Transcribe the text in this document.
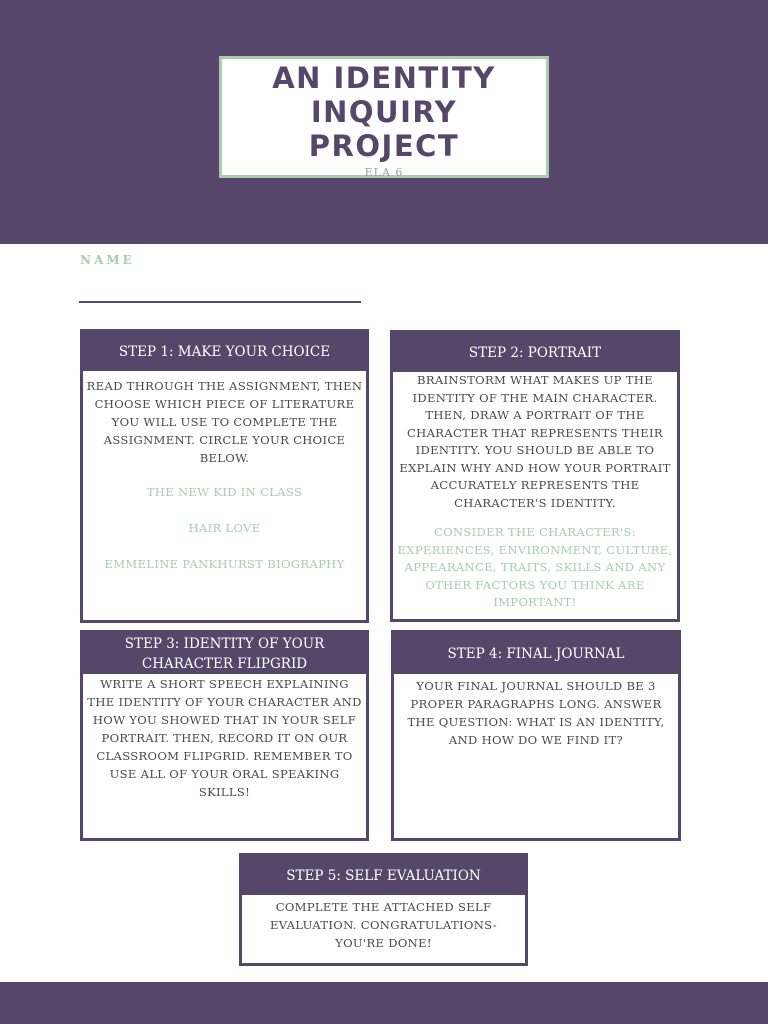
AN IDENTITY
INQUIRY
PROJECT
ELA 6
NAME
STEP 1: MAKE YOUR CHOICE
READ THROUGH THE ASSIGNMENT, THEN CHOOSE WHICH PIECE OF LITERATURE YOU WILL USE TO COMPLETE THE ASSIGNMENT. CIRCLE YOUR CHOICE BELOW.

THE NEW KID IN CLASS

HAIR LOVE

EMMELINE PANKHURST BIOGRAPHY

STEP 2: PORTRAIT
BRAINSTORM WHAT MAKES UP THE IDENTITY OF THE MAIN CHARACTER. THEN, DRAW A PORTRAIT OF THE CHARACTER THAT REPRESENTS THEIR IDENTITY. YOU SHOULD BE ABLE TO EXPLAIN WHY AND HOW YOUR PORTRAIT ACCURATELY REPRESENTS THE CHARACTER'S IDENTITY.
CONSIDER THE CHARACTER'S: EXPERIENCES, ENVIRONMENT, CULTURE, APPEARANCE, TRAITS, SKILLS AND ANY OTHER FACTORS YOU THINK ARE IMPORTANT!
STEP 3: IDENTITY OF YOUR CHARACTER FLIPGRID
WRITE A SHORT SPEECH EXPLAINING THE IDENTITY OF YOUR CHARACTER AND HOW YOU SHOWED THAT IN YOUR SELF PORTRAIT. THEN, RECORD IT ON OUR CLASSROOM FLIPGRID. REMEMBER TO USE ALL OF YOUR ORAL SPEAKING SKILLS!
STEP 4: FINAL JOURNAL
YOUR FINAL JOURNAL SHOULD BE 3 PROPER PARAGRAPHS LONG. ANSWER THE QUESTION: WHAT IS AN IDENTITY, AND HOW DO WE FIND IT?
STEP 5: SELF EVALUATION
COMPLETE THE ATTACHED SELF EVALUATION. CONGRATULATIONS- YOU'RE DONE!
